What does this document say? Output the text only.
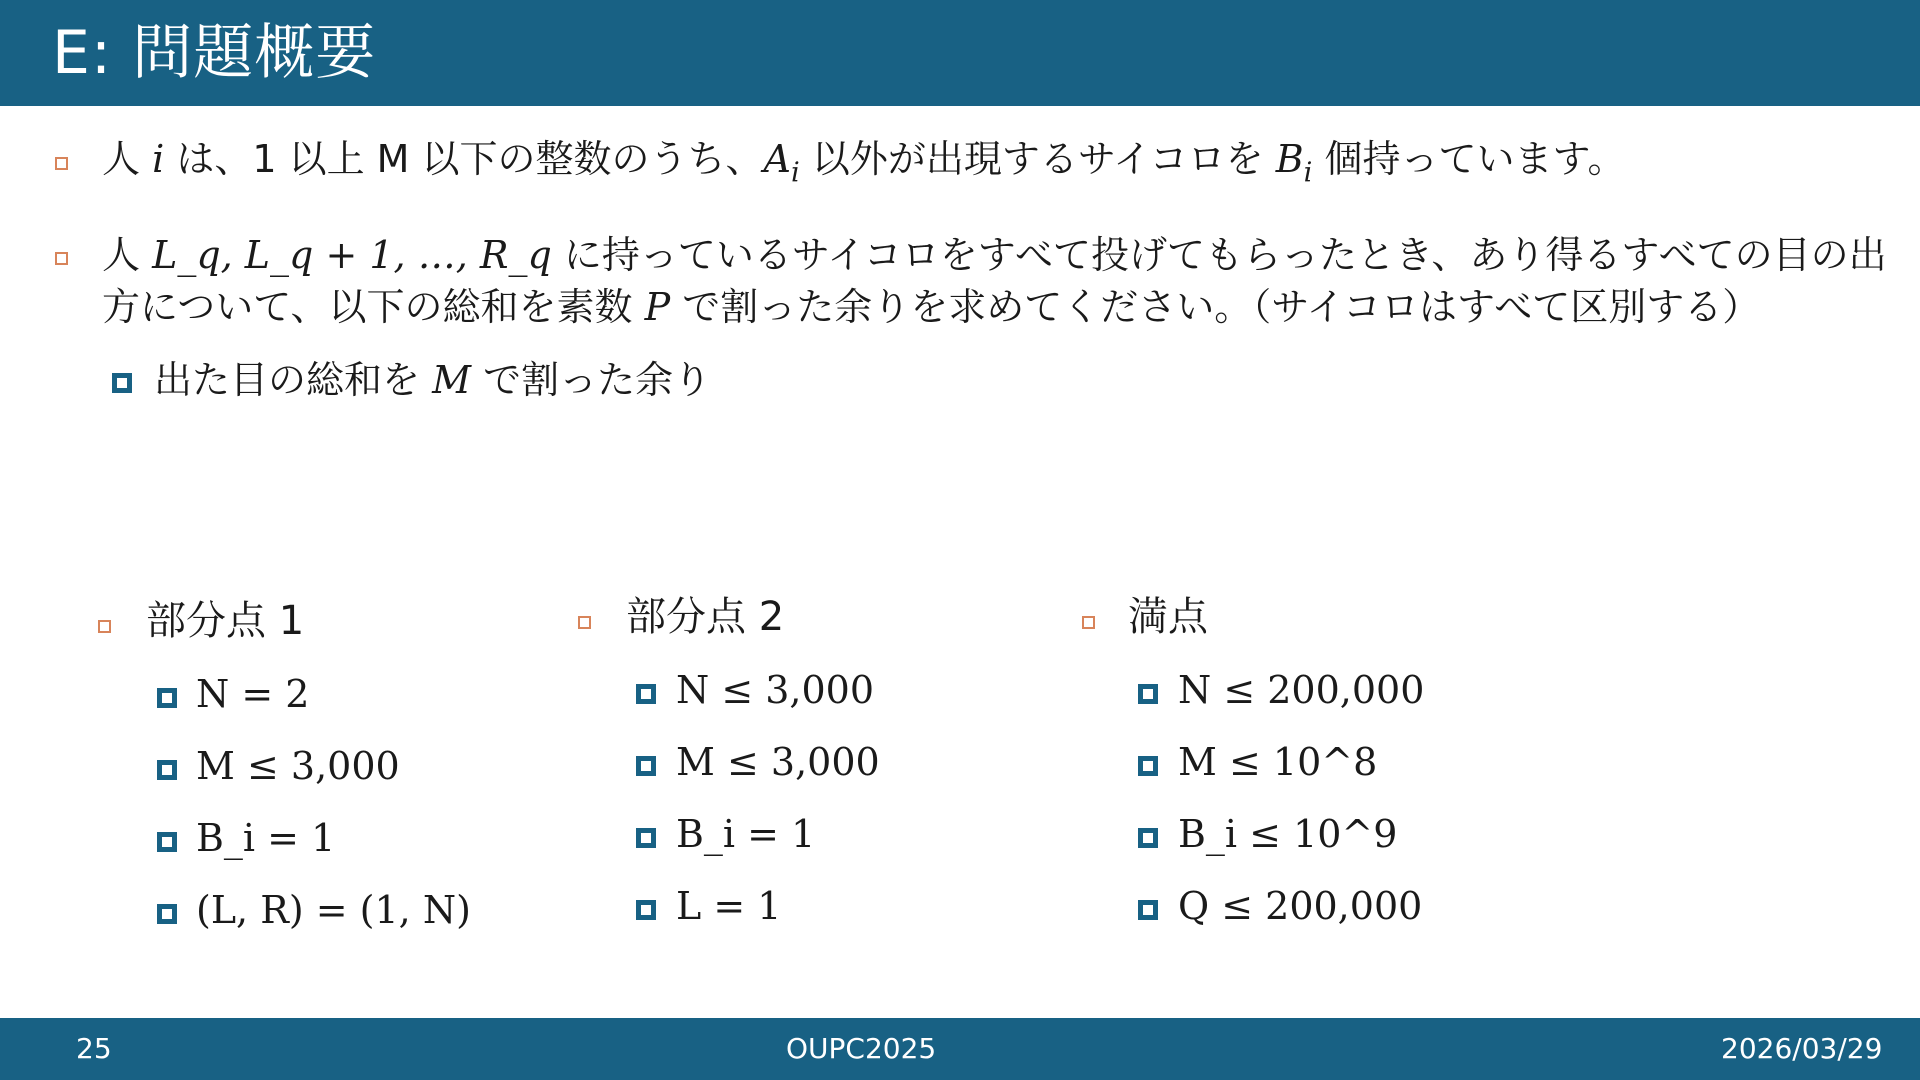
E: 問題概要
人 i は、1 以上 M 以下の整数のうち、$A_i$ 以外が出現するサイコロを $B_i$ 個持っています。
人 L_q, L_q + 1, …, R_q に持っているサイコロをすべて投げてもらったとき、あり得るすべての目の出
方について、以下の総和を素数 P で割った余りを求めてください。（サイコロはすべて区別する）
出た目の総和を M で割った余り
部分点 1
N = 2
M ≤ 3,000
B_i = 1
(L, R) = (1, N)
部分点 2
N ≤ 3,000
M ≤ 3,000
B_i = 1
L = 1
満点
N ≤ 200,000
M ≤ 10^8
B_i ≤ 10^9
Q ≤ 200,000
25	OUPC2025	2026/03/29
